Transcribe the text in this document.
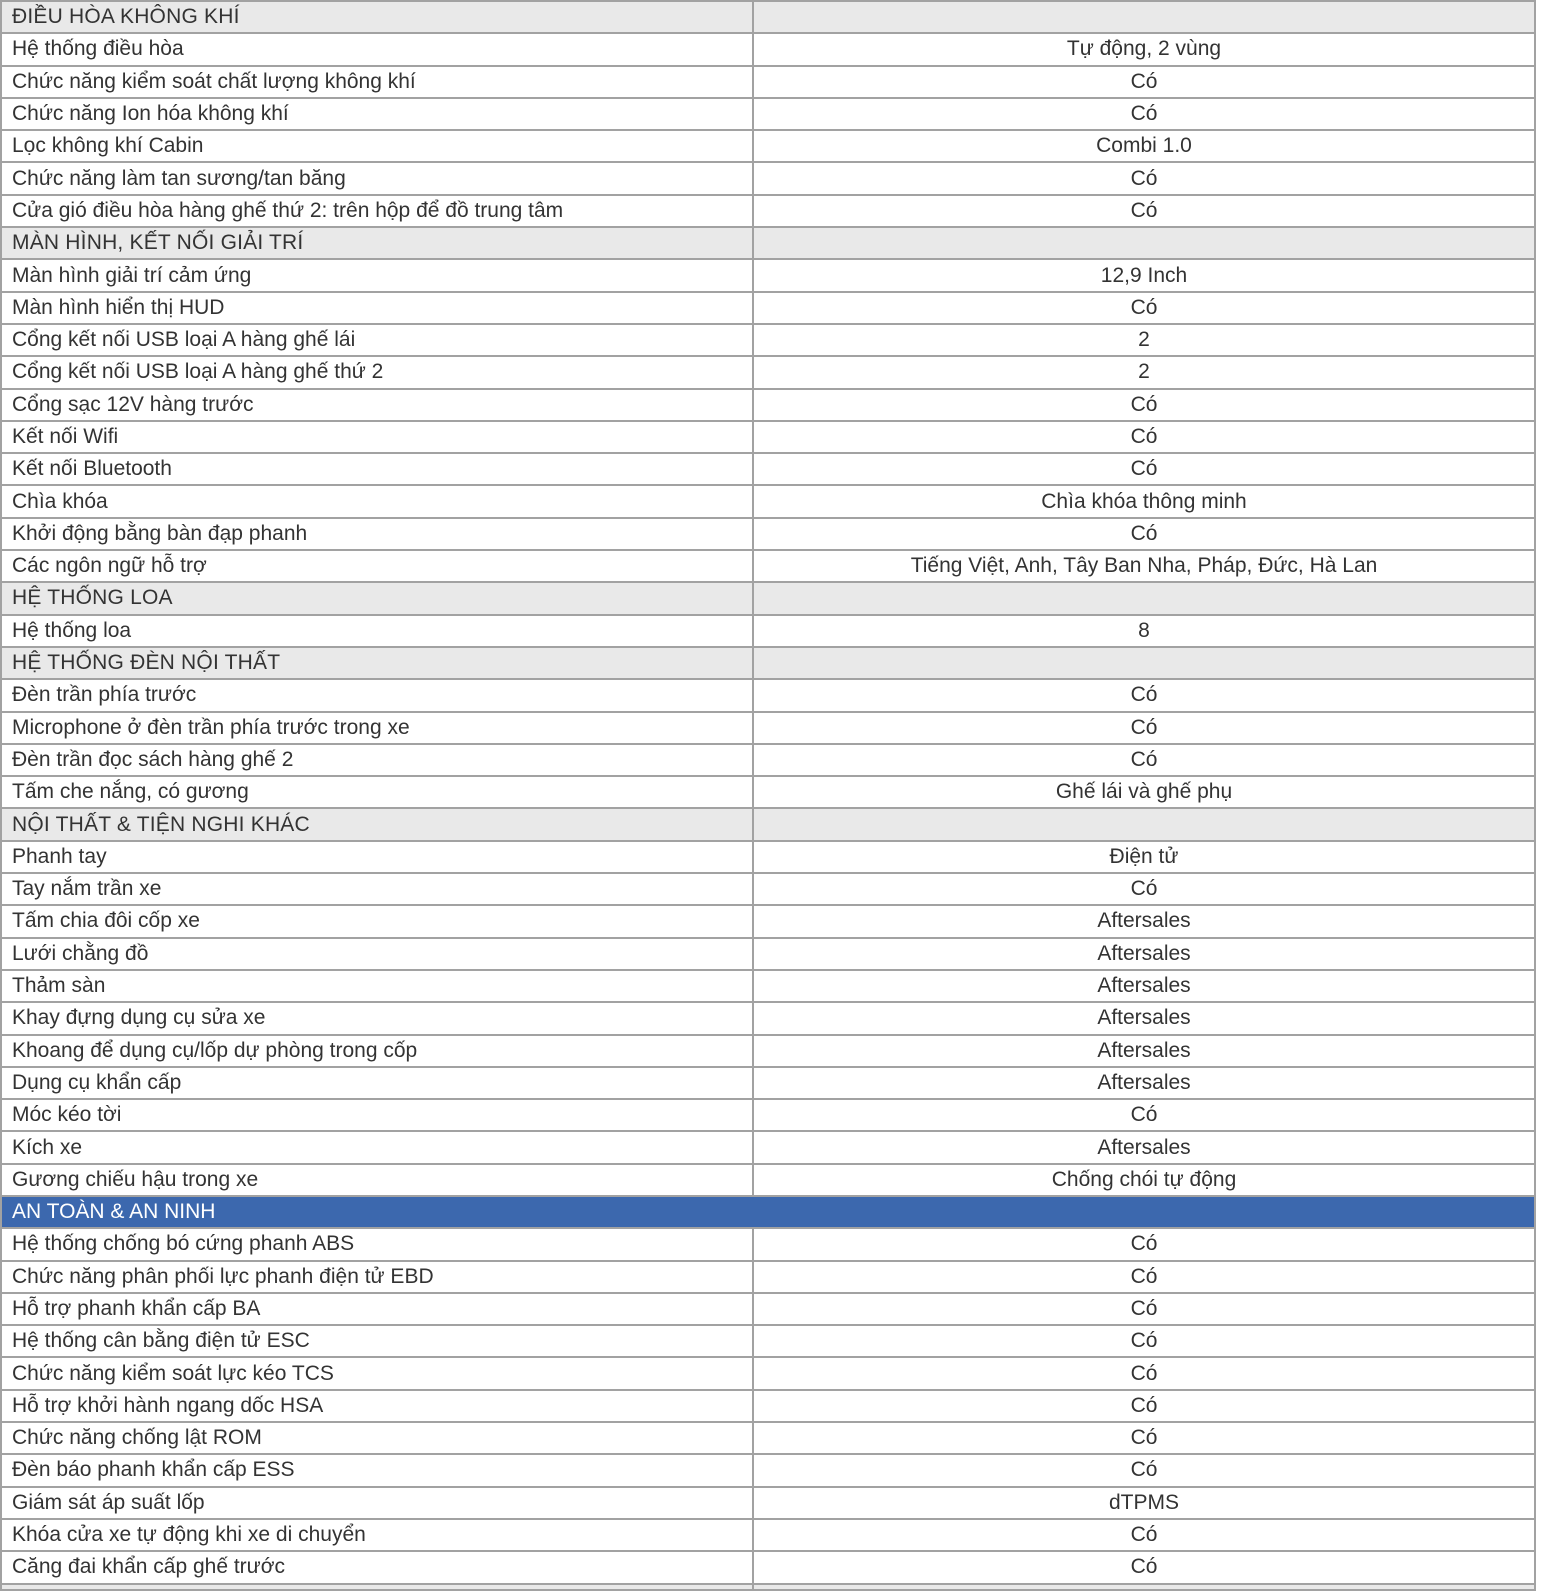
ĐIỀU HÒA KHÔNG KHÍ	
Hệ thống điều hòa	Tự động, 2 vùng
Chức năng kiểm soát chất lượng không khí	Có
Chức năng Ion hóa không khí	Có
Lọc không khí Cabin	Combi 1.0
Chức năng làm tan sương/tan băng	Có
Cửa gió điều hòa hàng ghế thứ 2: trên hộp để đồ trung tâm	Có
MÀN HÌNH, KẾT NỐI GIẢI TRÍ	
Màn hình giải trí cảm ứng	12,9 Inch
Màn hình hiển thị HUD	Có
Cổng kết nối USB loại A hàng ghế lái	2
Cổng kết nối USB loại A hàng ghế thứ 2	2
Cổng sạc 12V hàng trước	Có
Kết nối Wifi	Có
Kết nối Bluetooth	Có
Chìa khóa	Chìa khóa thông minh
Khởi động bằng bàn đạp phanh	Có
Các ngôn ngữ hỗ trợ	Tiếng Việt, Anh, Tây Ban Nha, Pháp, Đức, Hà Lan
HỆ THỐNG LOA	
Hệ thống loa	8
HỆ THỐNG ĐÈN NỘI THẤT	
Đèn trần phía trước	Có
Microphone ở đèn trần phía trước trong xe	Có
Đèn trần đọc sách hàng ghế 2	Có
Tấm che nắng, có gương	Ghế lái và ghế phụ
NỘI THẤT & TIỆN NGHI KHÁC	
Phanh tay	Điện tử
Tay nắm trần xe	Có
Tấm chia đôi cốp xe	Aftersales
Lưới chằng đồ	Aftersales
Thảm sàn	Aftersales
Khay đựng dụng cụ sửa xe	Aftersales
Khoang để dụng cụ/lốp dự phòng trong cốp	Aftersales
Dụng cụ khẩn cấp	Aftersales
Móc kéo tời	Có
Kích xe	Aftersales
Gương chiếu hậu trong xe	Chống chói tự động
AN TOÀN & AN NINH	
Hệ thống chống bó cứng phanh ABS	Có
Chức năng phân phối lực phanh điện tử EBD	Có
Hỗ trợ phanh khẩn cấp BA	Có
Hệ thống cân bằng điện tử ESC	Có
Chức năng kiểm soát lực kéo TCS	Có
Hỗ trợ khởi hành ngang dốc HSA	Có
Chức năng chống lật ROM	Có
Đèn báo phanh khẩn cấp ESS	Có
Giám sát áp suất lốp	dTPMS
Khóa cửa xe tự động khi xe di chuyển	Có
Căng đai khẩn cấp ghế trước	Có
